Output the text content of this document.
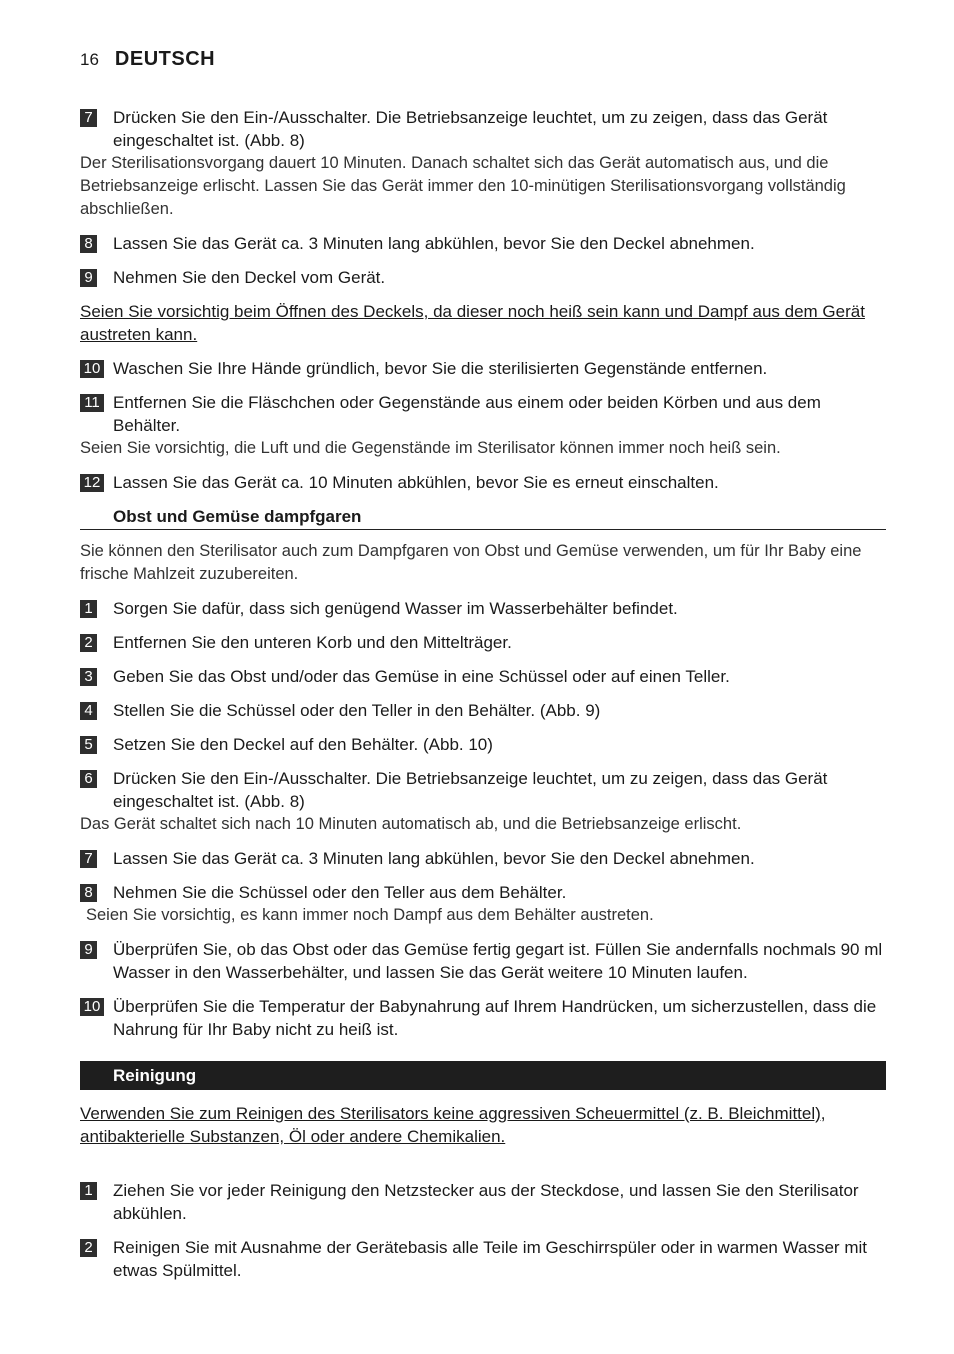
16 DEUTSCH
7 Drücken Sie den Ein-/Ausschalter. Die Betriebsanzeige leuchtet, um zu zeigen, dass das Gerät eingeschaltet ist. (Abb. 8)
Der Sterilisationsvorgang dauert 10 Minuten. Danach schaltet sich das Gerät automatisch aus, und die Betriebsanzeige erlischt. Lassen Sie das Gerät immer den 10-minütigen Sterilisationsvorgang vollständig abschließen.
8 Lassen Sie das Gerät ca. 3 Minuten lang abkühlen, bevor Sie den Deckel abnehmen.
9 Nehmen Sie den Deckel vom Gerät.
Seien Sie vorsichtig beim Öffnen des Deckels, da dieser noch heiß sein kann und Dampf aus dem Gerät austreten kann.
10 Waschen Sie Ihre Hände gründlich, bevor Sie die sterilisierten Gegenstände entfernen.
11 Entfernen Sie die Fläschchen oder Gegenstände aus einem oder beiden Körben und aus dem Behälter.
Seien Sie vorsichtig, die Luft und die Gegenstände im Sterilisator können immer noch heiß sein.
12 Lassen Sie das Gerät ca. 10 Minuten abkühlen, bevor Sie es erneut einschalten.
Obst und Gemüse dampfgaren
Sie können den Sterilisator auch zum Dampfgaren von Obst und Gemüse verwenden, um für Ihr Baby eine frische Mahlzeit zuzubereiten.
1 Sorgen Sie dafür, dass sich genügend Wasser im Wasserbehälter befindet.
2 Entfernen Sie den unteren Korb und den Mittelträger.
3 Geben Sie das Obst und/oder das Gemüse in eine Schüssel oder auf einen Teller.
4 Stellen Sie die Schüssel oder den Teller in den Behälter. (Abb. 9)
5 Setzen Sie den Deckel auf den Behälter. (Abb. 10)
6 Drücken Sie den Ein-/Ausschalter. Die Betriebsanzeige leuchtet, um zu zeigen, dass das Gerät eingeschaltet ist. (Abb. 8)
Das Gerät schaltet sich nach 10 Minuten automatisch ab, und die Betriebsanzeige erlischt.
7 Lassen Sie das Gerät ca. 3 Minuten lang abkühlen, bevor Sie den Deckel abnehmen.
8 Nehmen Sie die Schüssel oder den Teller aus dem Behälter.
Seien Sie vorsichtig, es kann immer noch Dampf aus dem Behälter austreten.
9 Überprüfen Sie, ob das Obst oder das Gemüse fertig gegart ist. Füllen Sie andernfalls nochmals 90 ml Wasser in den Wasserbehälter, und lassen Sie das Gerät weitere 10 Minuten laufen.
10 Überprüfen Sie die Temperatur der Babynahrung auf Ihrem Handrücken, um sicherzustellen, dass die Nahrung für Ihr Baby nicht zu heiß ist.
Reinigung
Verwenden Sie zum Reinigen des Sterilisators keine aggressiven Scheuermittel (z. B. Bleichmittel), antibakterielle Substanzen, Öl oder andere Chemikalien.
1 Ziehen Sie vor jeder Reinigung den Netzstecker aus der Steckdose, und lassen Sie den Sterilisator abkühlen.
2 Reinigen Sie mit Ausnahme der Gerätebasis alle Teile im Geschirrspüler oder in warmen Wasser mit etwas Spülmittel.
